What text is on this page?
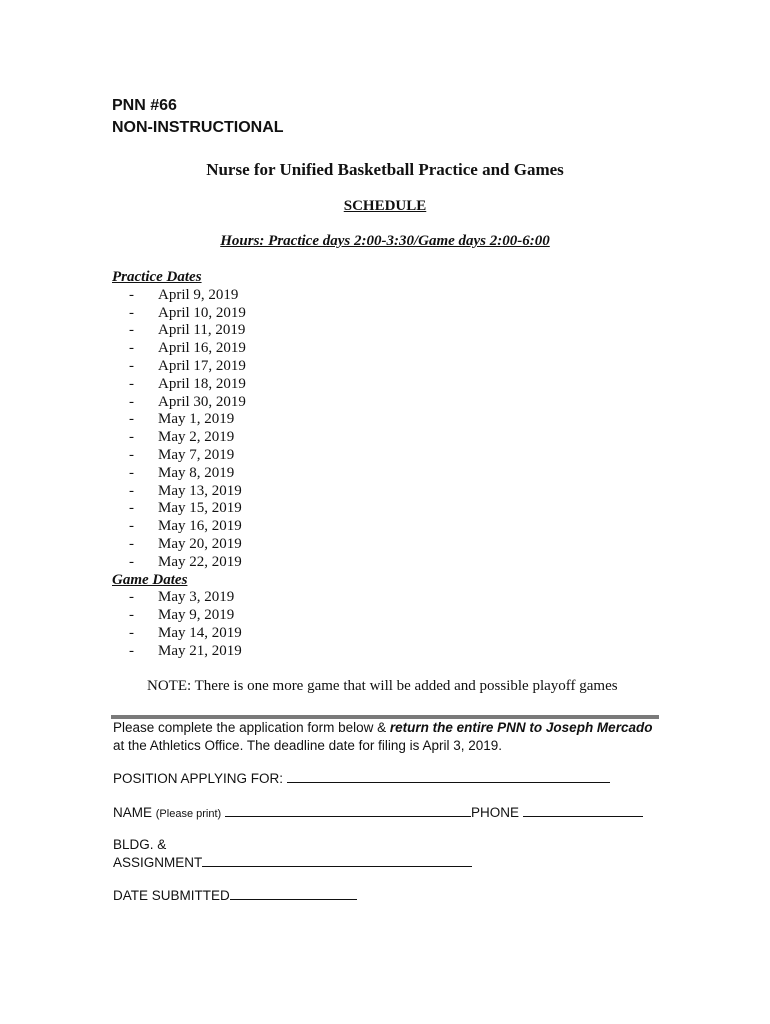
PNN #66
NON-INSTRUCTIONAL
Nurse for Unified Basketball Practice and Games
SCHEDULE
Hours: Practice days 2:00-3:30/Game days 2:00-6:00
Practice Dates
- April 9, 2019
- April 10, 2019
- April 11, 2019
- April 16, 2019
- April 17, 2019
- April 18, 2019
- April 30, 2019
- May 1, 2019
- May 2, 2019
- May 7, 2019
- May 8, 2019
- May 13, 2019
- May 15, 2019
- May 16, 2019
- May 20, 2019
- May 22, 2019
Game Dates
- May 3, 2019
- May 9, 2019
- May 14, 2019
- May 21, 2019
NOTE: There is one more game that will be added and possible playoff games
Please complete the application form below & return the entire PNN to Joseph Mercado at the Athletics Office. The deadline date for filing is April 3, 2019.
POSITION APPLYING FOR:
NAME (Please print)	PHONE
BLDG. &
ASSIGNMENT
DATE SUBMITTED
